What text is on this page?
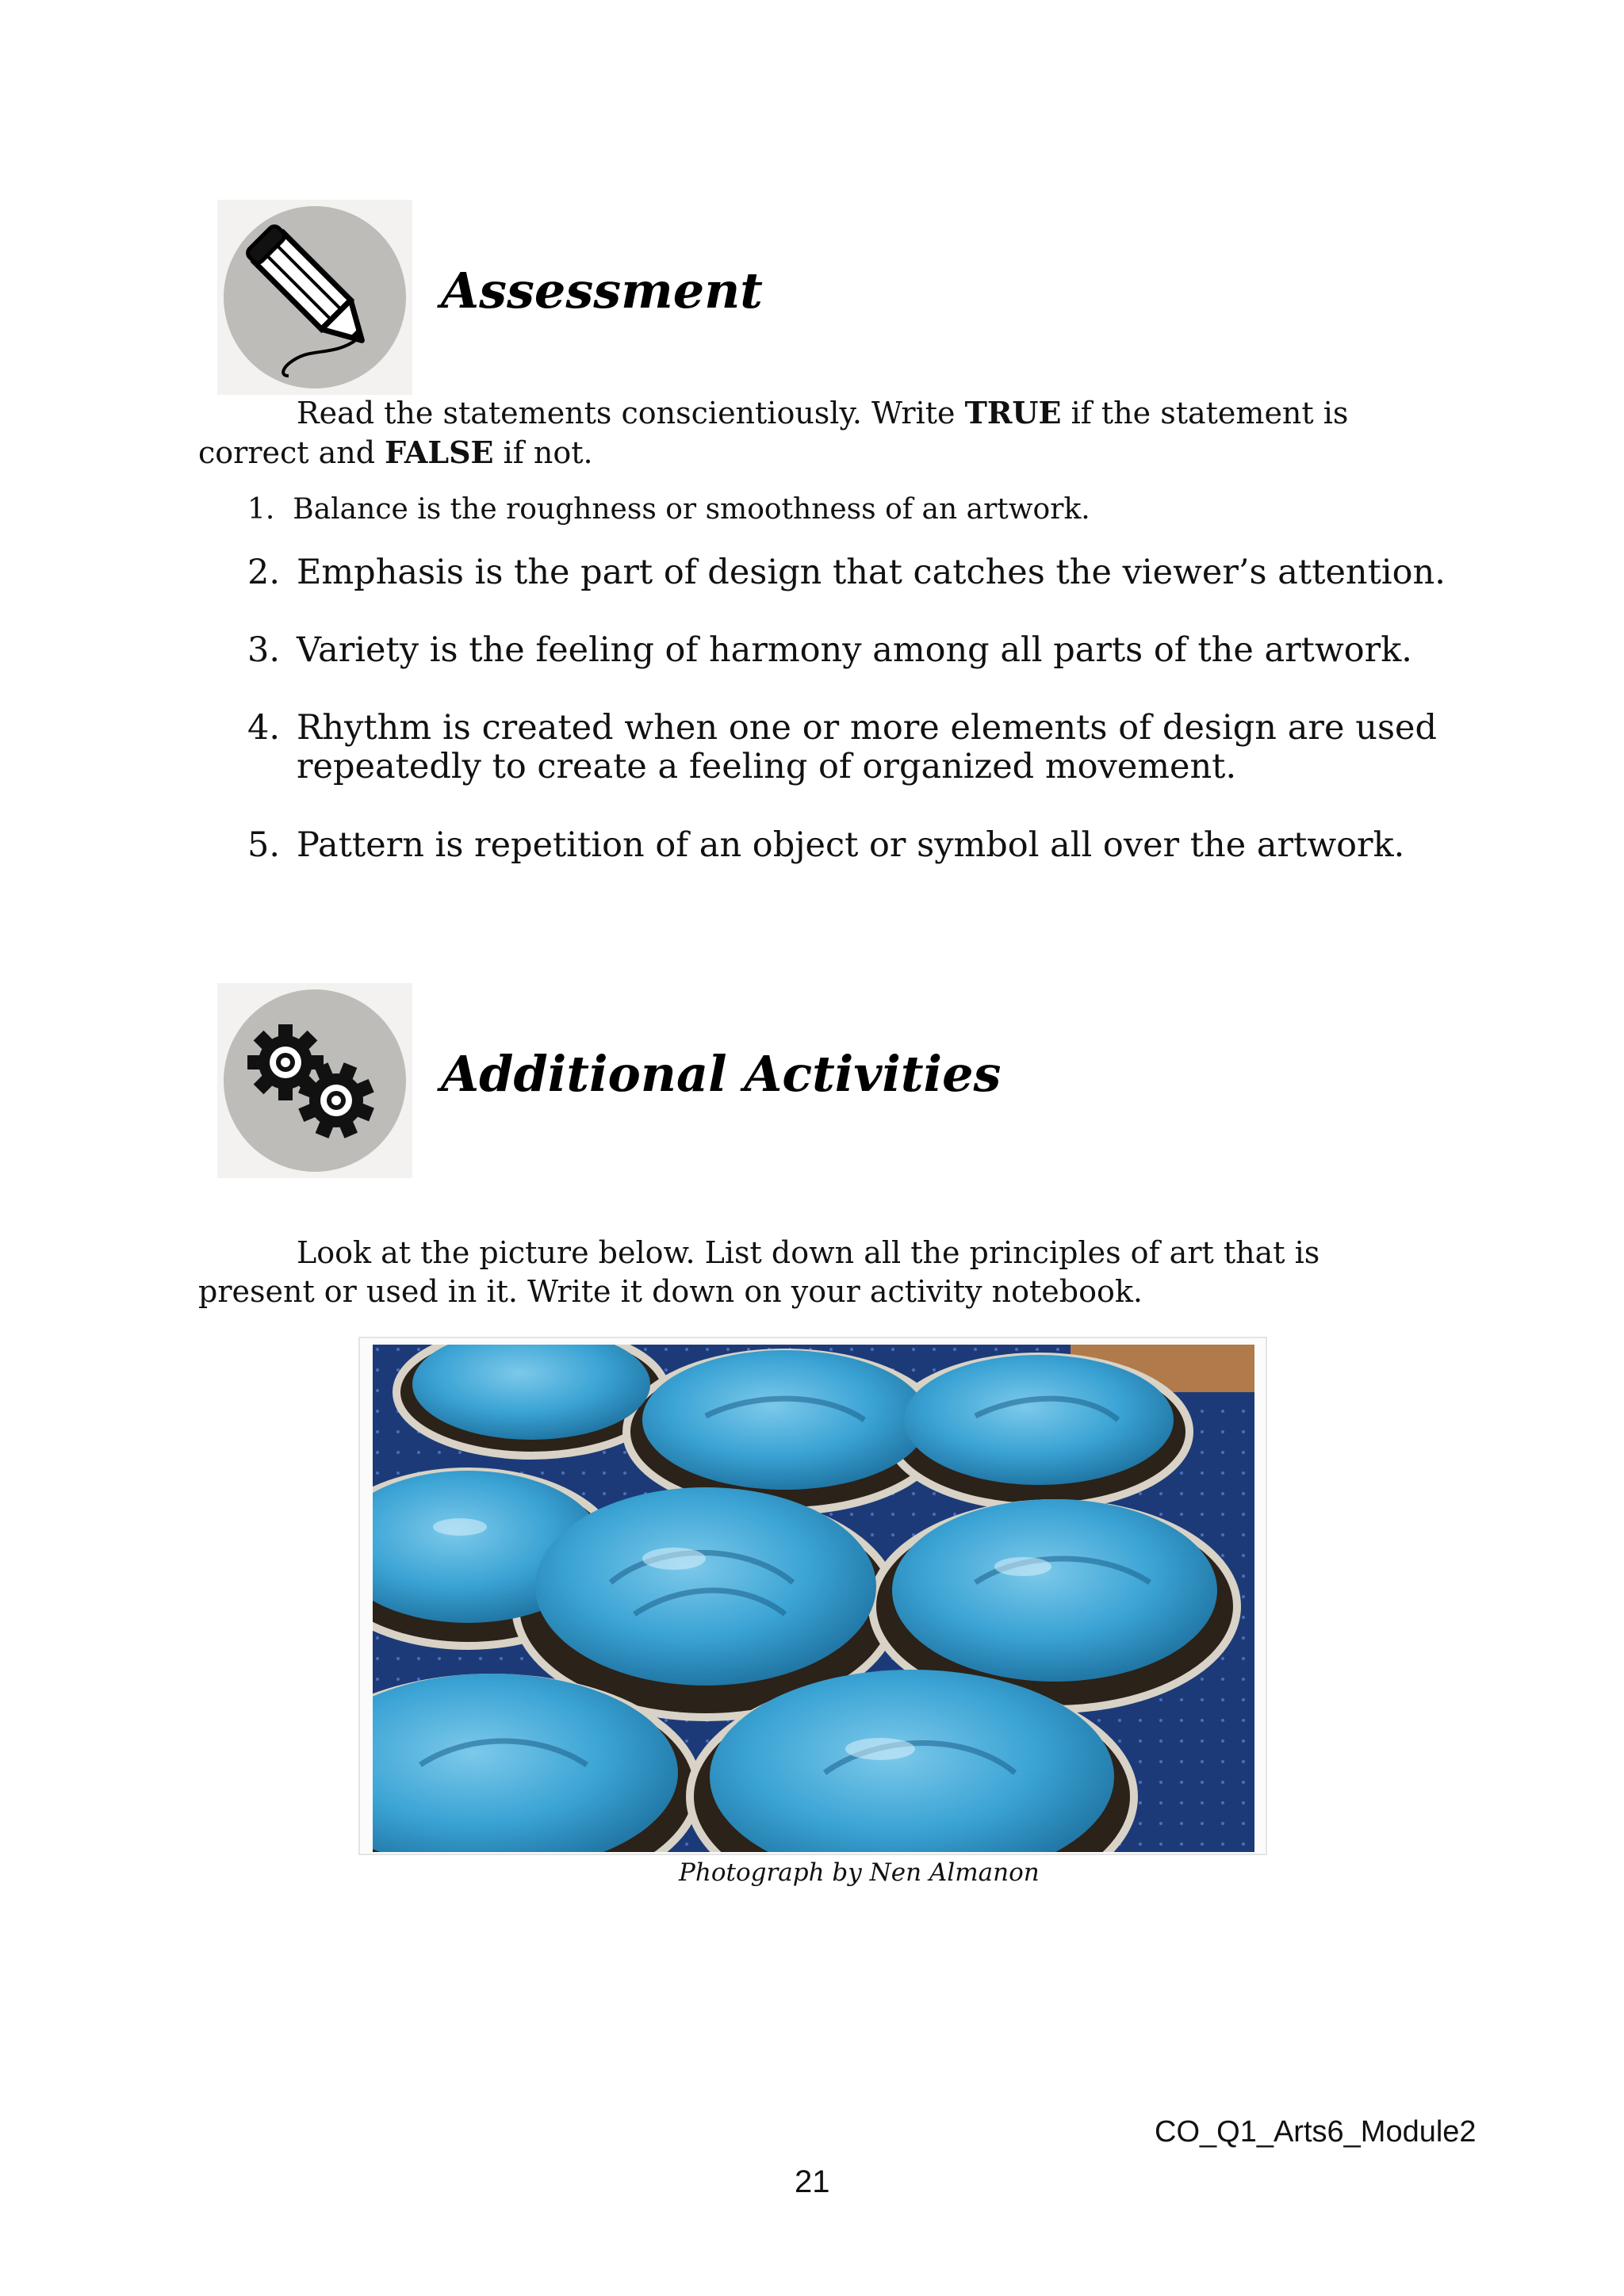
Assessment
Read the statements conscientiously. Write TRUE if the statement is correct and FALSE if not.
1. Balance is the roughness or smoothness of an artwork.
2. Emphasis is the part of design that catches the viewer’s attention.
3. Variety is the feeling of harmony among all parts of the artwork.
4. Rhythm is created when one or more elements of design are used repeatedly to create a feeling of organized movement.
5. Pattern is repetition of an object or symbol all over the artwork.
Additional Activities
Look at the picture below. List down all the principles of art that is present or used in it. Write it down on your activity notebook.
Photograph by Nen Almanon
CO_Q1_Arts6_Module2
21
